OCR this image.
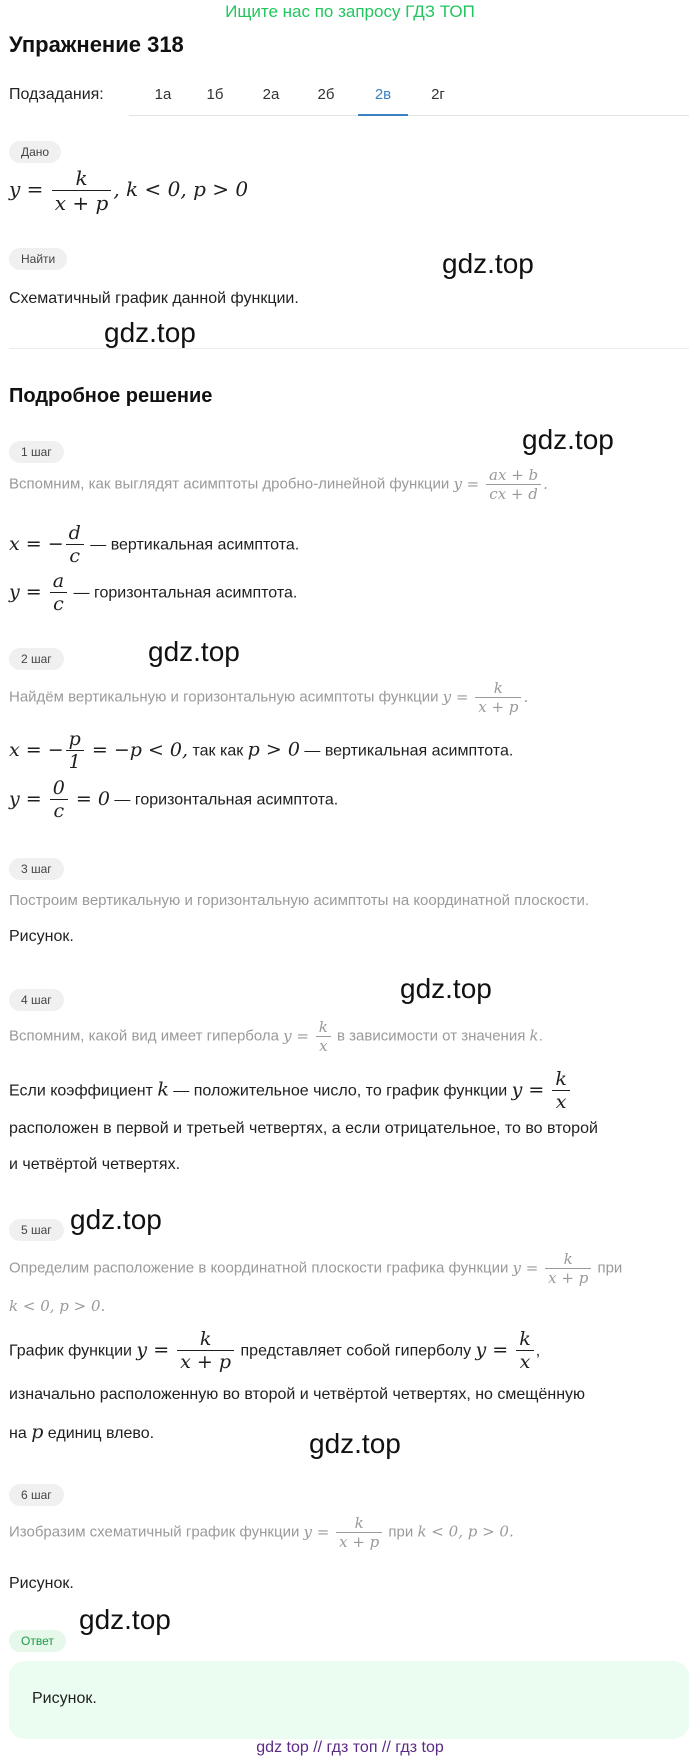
Ищите нас по запросу ГДЗ ТОП
Упражнение 318
Подзадания:	1а	1б	2а	2б	2в	2г
Дано
$y = \frac{k}{x + p}$ , k < 0, p > 0
Найти
Схематичный график данной функции.
Подробное решение
1 шаг
Вспомним, как выглядят асимптоты дробно-линейной функции $y = \frac{ax + b}{cx + d}$ .
x = − $\frac{d}{c}$ — вертикальная асимптота.
$y = \frac{a}{c}$ — горизонтальная асимптота.
2 шаг
Найдём вертикальную и горизонтальную асимптоты функции $y = \frac{k}{x + p}$ .
x = − $\frac{p}{1} = -p < 0$, так как p > 0 — вертикальная асимптота.
$y = \frac{0}{c} = 0$ — горизонтальная асимптота.
3 шаг
Построим вертикальную и горизонтальную асимптоты на координатной плоскости.
Рисунок.
4 шаг
Вспомним, какой вид имеет гипербола $y = \frac{k}{x}$ в зависимости от значения k.
Если коэффициент k — положительное число, то график функции $y = \frac{k}{x}$
расположен в первой и третьей четвертях, а если отрицательное, то во второй
и четвёртой четвертях.
5 шаг
Определим расположение в координатной плоскости графика функции $y = \frac{k}{x + p}$ при
k < 0, p > 0.
График функции $y = \frac{k}{x + p}$ представляет собой гиперболу $y = \frac{k}{x}$ ,
изначально расположенную во второй и четвёртой четвертях, но смещённую
на p единиц влево.
6 шаг
Изобразим схематичный график функции $y = \frac{k}{x + p}$ при k < 0, p > 0.
Рисунок.
Ответ
Рисунок.
gdz.top
gdz.top
gdz.top
gdz.top
gdz.top
gdz.top
gdz.top
gdz.top
gdz top // гдз топ // гдз top
